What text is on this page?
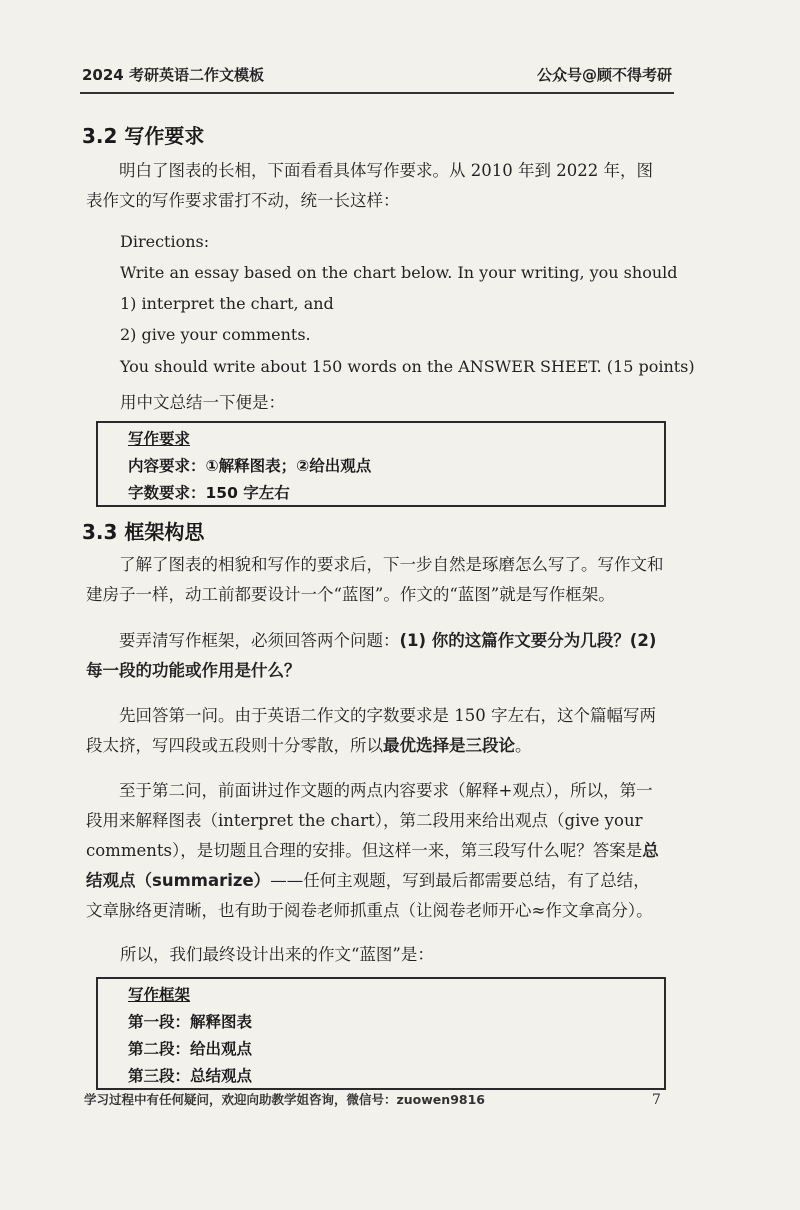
2024 考研英语二作文模板	公众号@顾不得考研
3.2 写作要求
明白了图表的长相，下面看看具体写作要求。从 2010 年到 2022 年，图表作文的写作要求雷打不动，统一长这样：
Directions:
Write an essay based on the chart below. In your writing, you should
1) interpret the chart, and
2) give your comments.
You should write about 150 words on the ANSWER SHEET. (15 points)
用中文总结一下便是：
写作要求
内容要求：①解释图表；②给出观点
字数要求：150 字左右
3.3 框架构思
了解了图表的相貌和写作的要求后，下一步自然是琢磨怎么写了。写作文和建房子一样，动工前都要设计一个“蓝图”。作文的“蓝图”就是写作框架。
要弄清写作框架，必须回答两个问题：(1) 你的这篇作文要分为几段？(2) 每一段的功能或作用是什么？
先回答第一问。由于英语二作文的字数要求是 150 字左右，这个篇幅写两段太挤，写四段或五段则十分零散，所以最优选择是三段论。
至于第二问，前面讲过作文题的两点内容要求（解释+观点），所以，第一段用来解释图表（interpret the chart），第二段用来给出观点（give your comments），是切题且合理的安排。但这样一来，第三段写什么呢？答案是总结观点（summarize）——任何主观题，写到最后都需要总结，有了总结，文章脉络更清晰，也有助于阅卷老师抓重点（让阅卷老师开心≈作文拿高分）。
所以，我们最终设计出来的作文“蓝图”是：
写作框架
第一段：解释图表
第二段：给出观点
第三段：总结观点
学习过程中有任何疑问，欢迎向助教学姐咨询，微信号：zuowen9816	7
